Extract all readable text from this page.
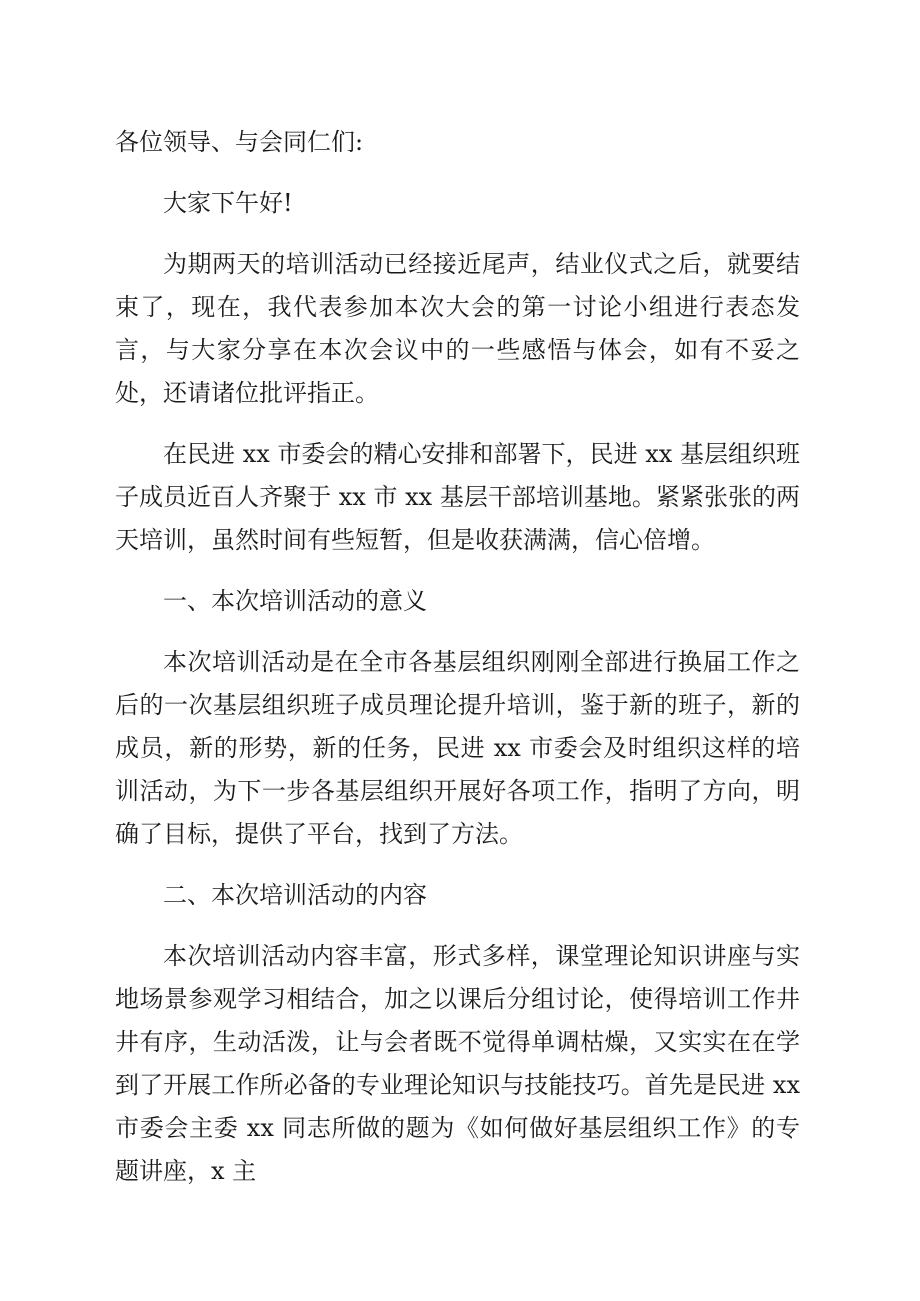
各位领导、与会同仁们:

大家下午好!

为期两天的培训活动已经接近尾声，结业仪式之后，就要结束了，现在，我代表参加本次大会的第一讨论小组进行表态发言，与大家分享在本次会议中的一些感悟与体会，如有不妥之处，还请诸位批评指正。

在民进 xx 市委会的精心安排和部署下，民进 xx 基层组织班子成员近百人齐聚于 xx 市 xx 基层干部培训基地。紧紧张张的两天培训，虽然时间有些短暂，但是收获满满，信心倍增。

一、本次培训活动的意义

本次培训活动是在全市各基层组织刚刚全部进行换届工作之后的一次基层组织班子成员理论提升培训，鉴于新的班子，新的成员，新的形势，新的任务，民进 xx 市委会及时组织这样的培训活动，为下一步各基层组织开展好各项工作，指明了方向，明确了目标，提供了平台，找到了方法。

二、本次培训活动的内容

本次培训活动内容丰富，形式多样，课堂理论知识讲座与实地场景参观学习相结合，加之以课后分组讨论，使得培训工作井井有序，生动活泼，让与会者既不觉得单调枯燥，又实实在在学到了开展工作所必备的专业理论知识与技能技巧。首先是民进 xx 市委会主委 xx 同志所做的题为《如何做好基层组织工作》的专题讲座，x 主
